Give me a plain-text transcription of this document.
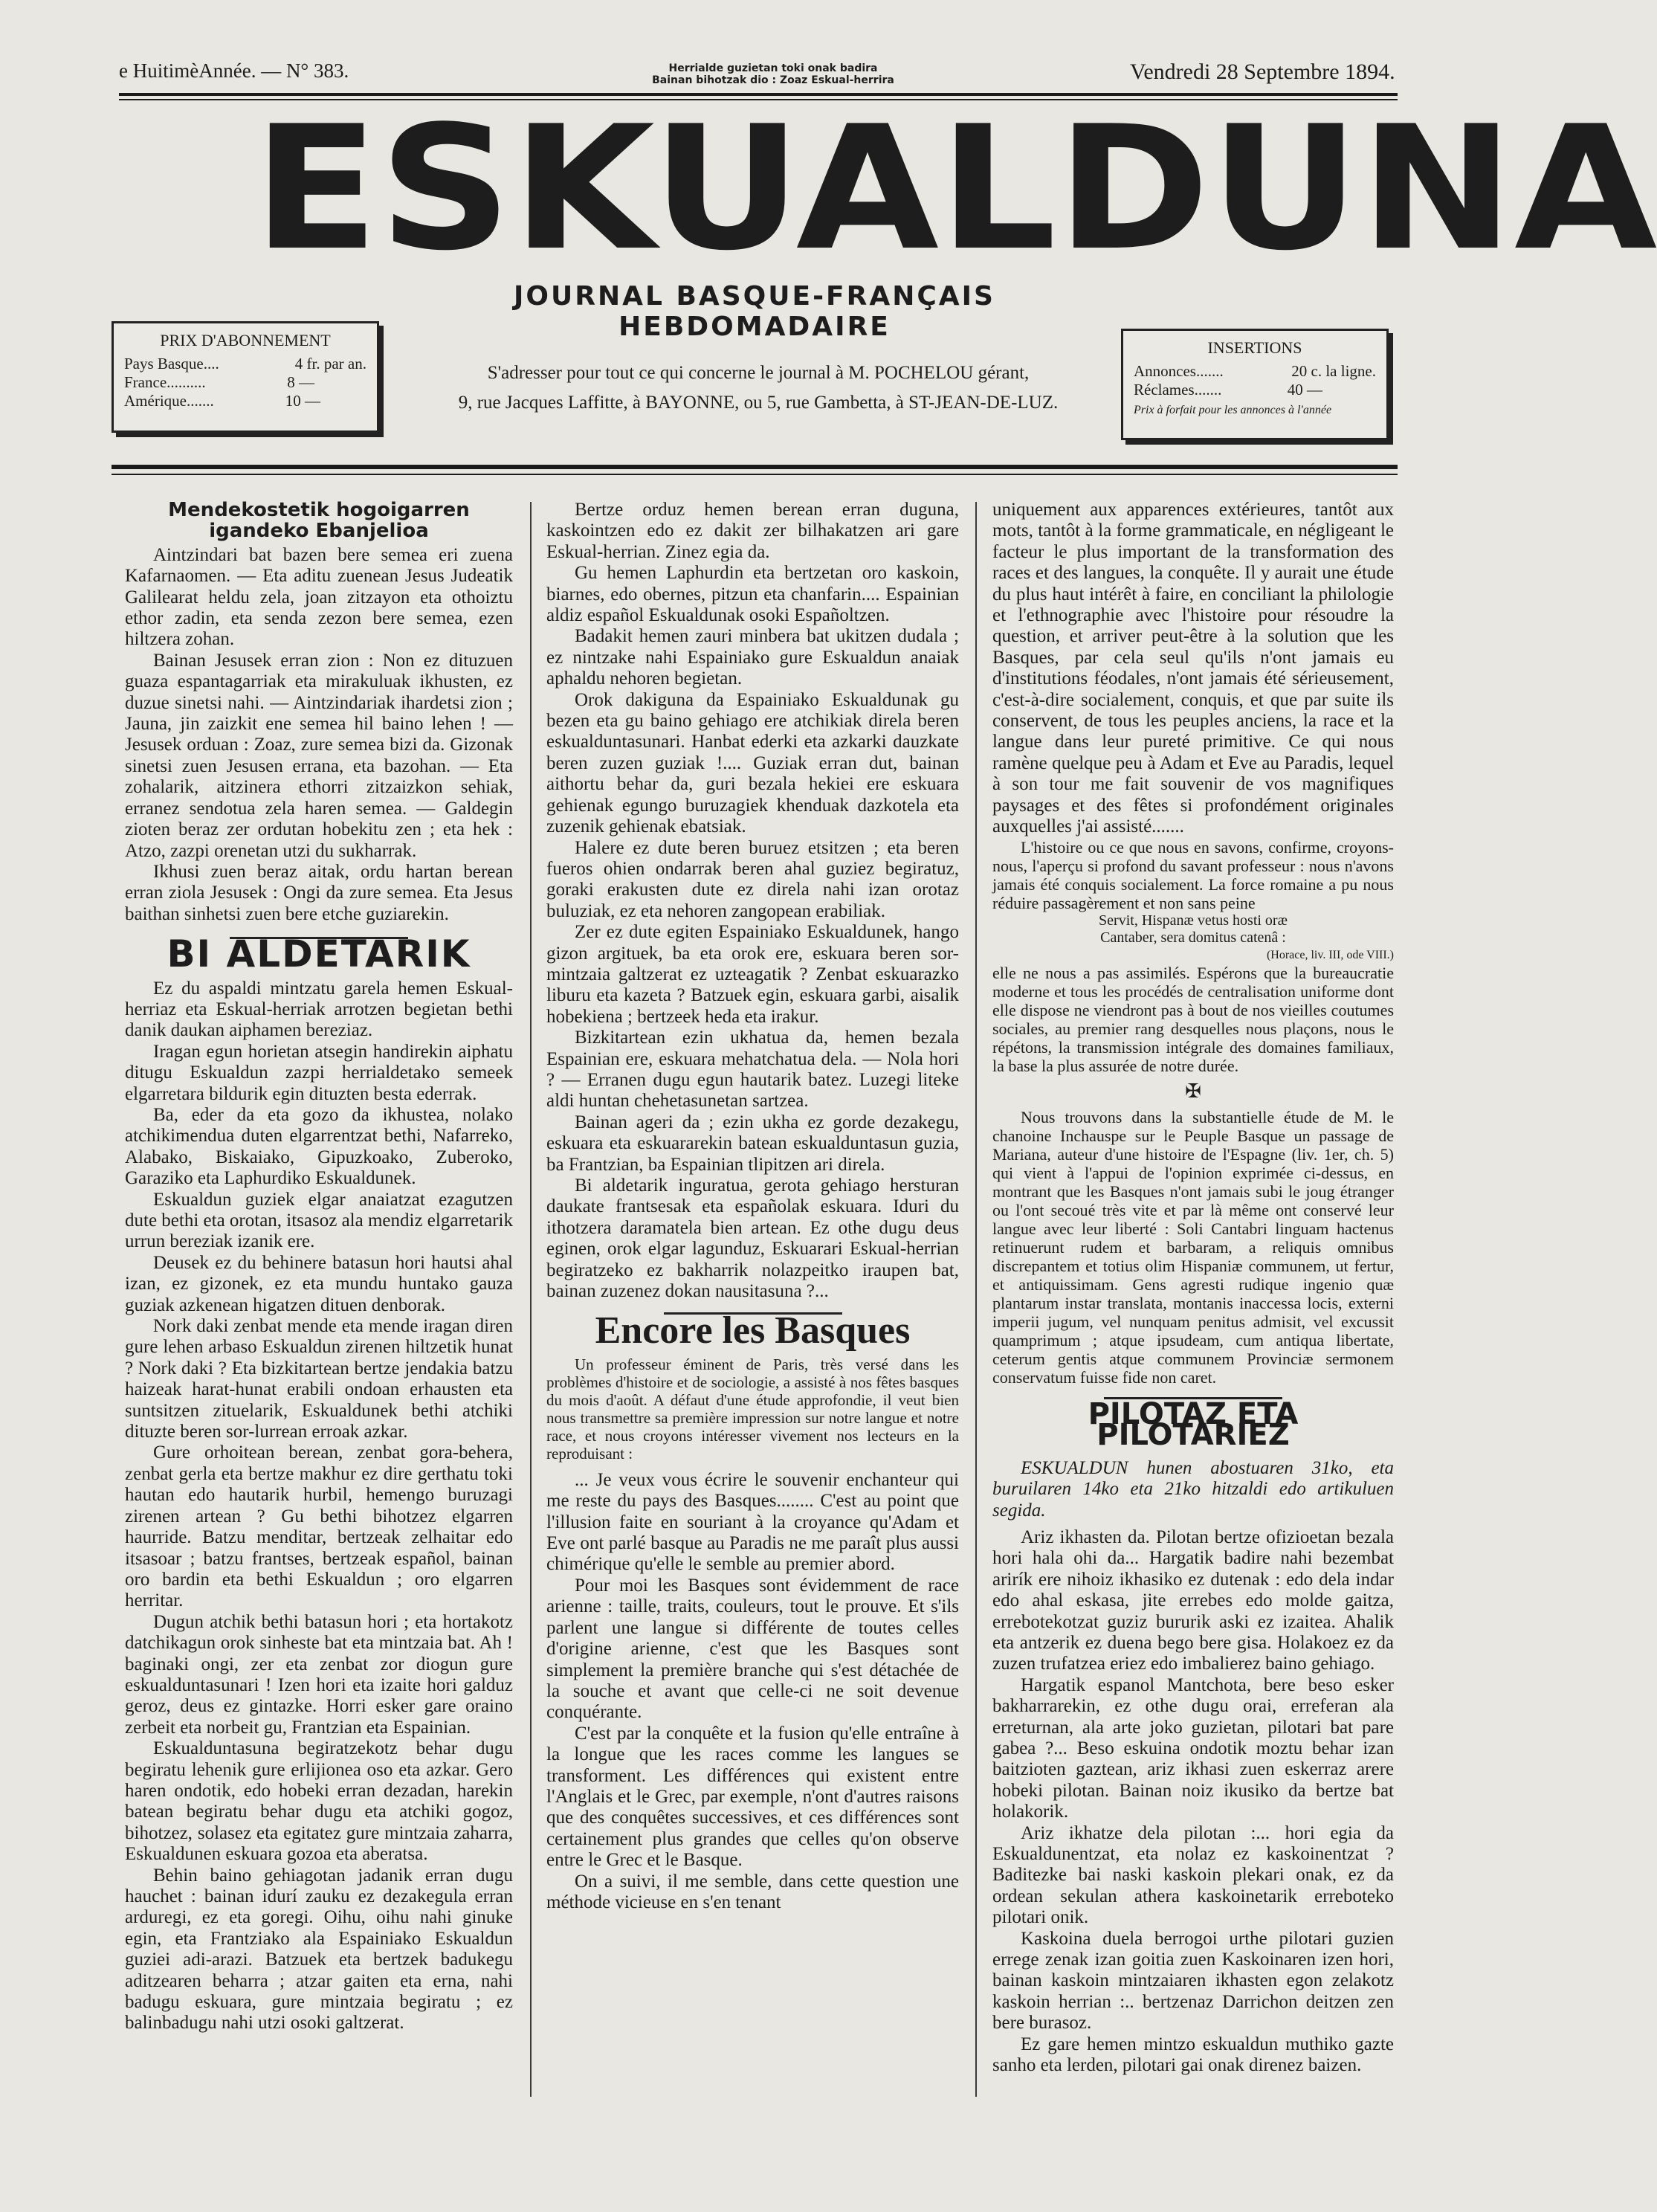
e HuitimèAnnée. — N° 383.	Herrialde guzietan toki onak badira
Bainan bihotzak dio : Zoaz Eskual-herrira	Vendredi 28 Septembre 1894.
ESKUALDUNA
JOURNAL BASQUE-FRANÇAIS HEBDOMADAIRE
PRIX D'ABONNEMENT
Pays Basque....	4 fr. par an.
France..........	8 —
Amérique.......	10 —
S'adresser pour tout ce qui concerne le journal à M. POCHELOU gérant,
9, rue Jacques Laffitte, à BAYONNE, ou 5, rue Gambetta, à ST-JEAN-DE-LUZ.
INSERTIONS
Annonces.......	20 c. la ligne.
Réclames.......	40 —
Prix à forfait pour les annonces à l'année
Mendekostetik hogoigarren igandeko Ebanjelioa

Aintzindari bat bazen bere semea eri zuena Kafarnaomen. — Eta aditu zuenean Jesus Judeatik Galilearat heldu zela, joan zitzayon eta othoiztu ethor zadin, eta senda zezon bere semea, ezen hiltzera zohan.

Bainan Jesusek erran zion : Non ez dituzuen guaza espantagarriak eta mirakuluak ikhusten, ez duzue sinetsi nahi. — Aintzindariak ihardetsi zion ; Jauna, jin zaizkit ene semea hil baino lehen ! — Jesusek orduan : Zoaz, zure semea bizi da. Gizonak sinetsi zuen Jesusen errana, eta bazohan. — Eta zohalarik, aitzinera ethorri zitzaizkon sehiak, erranez sendotua zela haren semea. — Galdegin zioten beraz zer ordutan hobekitu zen ; eta hek : Atzo, zazpi orenetan utzi du sukharrak.

Ikhusi zuen beraz aitak, ordu hartan berean erran ziola Jesusek : Ongi da zure semea. Eta Jesus baithan sinhetsi zuen bere etche guziarekin.

BI ALDETARIK

Ez du aspaldi mintzatu garela hemen Eskual-herriaz eta Eskual-herriak arrotzen begietan bethi danik daukan aiphamen bereziaz.

Iragan egun horietan atsegin handirekin aiphatu ditugu Eskualdun zazpi herrialdetako semeek elgarretara bildurik egin dituzten besta ederrak.

Ba, eder da eta gozo da ikhustea, nolako atchikimendua duten elgarrentzat bethi, Nafarreko, Alabako, Biskaiako, Gipuzkoako, Zuberoko, Garaziko eta Laphurdiko Eskualdunek.

Eskualdun guziek elgar anaiatzat ezagutzen dute bethi eta orotan, itsasoz ala mendiz elgarretarik urrun bereziak izanik ere.

Deusek ez du behinere batasun hori hautsi ahal izan, ez gizonek, ez eta mundu huntako gauza guziak azkenean higatzen dituen denborak.

Nork daki zenbat mende eta mende iragan diren gure lehen arbaso Eskualdun zirenen hiltzetik hunat ? Nork daki ? Eta bizkitartean bertze jendakia batzu haizeak harat-hunat erabili ondoan erhausten eta suntsitzen zituelarik, Eskualdunek bethi atchiki dituzte beren sor-lurrean erroak azkar.

Gure orhoitean berean, zenbat gora-behera, zenbat gerla eta bertze makhur ez dire gerthatu toki hautan edo hautarik hurbil, hemengo buruzagi zirenen artean ? Gu bethi bihotzez elgarren haurride. Batzu menditar, bertzeak zelhaitar edo itsasoar ; batzu frantses, bertzeak español, bainan oro bardin eta bethi Eskualdun ; oro elgarren herritar.

Dugun atchik bethi batasun hori ; eta hortakotz datchikagun orok sinheste bat eta mintzaia bat. Ah ! baginaki ongi, zer eta zenbat zor diogun gure eskualduntasunari ! Izen hori eta izaite hori galduz geroz, deus ez gintazke. Horri esker gare oraino zerbeit eta norbeit gu, Frantzian eta Espainian.

Eskualduntasuna begiratzekotz behar dugu begiratu lehenik gure erlijionea oso eta azkar. Gero haren ondotik, edo hobeki erran dezadan, harekin batean begiratu behar dugu eta atchiki gogoz, bihotzez, solasez eta egitatez gure mintzaia zaharra, Eskualdunen eskuara gozoa eta aberatsa.

Behin baino gehiagotan jadanik erran dugu hauchet : bainan idurí zauku ez dezakegula erran arduregi, ez eta goregi. Oihu, oihu nahi ginuke egin, eta Frantziako ala Espainiako Eskualdun guziei adi-arazi. Batzuek eta bertzek badukegu aditzearen beharra ; atzar gaiten eta erna, nahi badugu eskuara, gure mintzaia begiratu ; ez balinbadugu nahi utzi osoki galtzerat.

Bertze orduz hemen berean erran duguna, kaskointzen edo ez dakit zer bilhakatzen ari gare Eskual-herrian. Zinez egia da.

Gu hemen Laphurdin eta bertzetan oro kaskoin, biarnes, edo obernes, pitzun eta chanfarin.... Espainian aldiz español Eskualdunak osoki Españoltzen.

Badakit hemen zauri minbera bat ukitzen dudala ; ez nintzake nahi Espainiako gure Eskualdun anaiak aphaldu nehoren begietan.

Orok dakiguna da Espainiako Eskualdunak gu bezen eta gu baino gehiago ere atchikiak direla beren eskualduntasunari. Hanbat ederki eta azkarki dauzkate beren zuzen guziak !.... Guziak erran dut, bainan aithortu behar da, guri bezala hekiei ere eskuara gehienak egungo buruzagiek khenduak dazkotela eta zuzenik gehienak ebatsiak.

Halere ez dute beren buruez etsitzen ; eta beren fueros ohien ondarrak beren ahal guziez begiratuz, goraki erakusten dute ez direla nahi izan orotaz buluziak, ez eta nehoren zangopean erabiliak.

Zer ez dute egiten Espainiako Eskualdunek, hango gizon argituek, ba eta orok ere, eskuara beren sor-mintzaia galtzerat ez uzteagatik ? Zenbat eskuarazko liburu eta kazeta ? Batzuek egin, eskuara garbi, aisalik hobekiena ; bertzeek heda eta irakur.

Bizkitartean ezin ukhatua da, hemen bezala Espainian ere, eskuara mehatchatua dela. — Nola hori ? — Erranen dugu egun hautarik batez. Luzegi liteke aldi huntan chehetasunetan sartzea.

Bainan ageri da ; ezin ukha ez gorde dezakegu, eskuara eta eskuararekin batean eskualduntasun guzia, ba Frantzian, ba Espainian tlipitzen ari direla.

Bi aldetarik inguratua, gerota gehiago hersturan daukate frantsesak eta españolak eskuara. Iduri du ithotzera daramatela bien artean. Ez othe dugu deus eginen, orok elgar lagunduz, Eskuarari Eskual-herrian begiratzeko ez bakharrik nolazpeitko iraupen bat, bainan zuzenez dokan nausitasuna ?...

Encore les Basques

Un professeur éminent de Paris, très versé dans les problèmes d'histoire et de sociologie, a assisté à nos fêtes basques du mois d'août. A défaut d'une étude approfondie, il veut bien nous transmettre sa première impression sur notre langue et notre race, et nous croyons intéresser vivement nos lecteurs en la reproduisant :

... Je veux vous écrire le souvenir enchanteur qui me reste du pays des Basques........ C'est au point que l'illusion faite en souriant à la croyance qu'Adam et Eve ont parlé basque au Paradis ne me paraît plus aussi chimérique qu'elle le semble au premier abord.

Pour moi les Basques sont évidemment de race arienne : taille, traits, couleurs, tout le prouve. Et s'ils parlent une langue si différente de toutes celles d'origine arienne, c'est que les Basques sont simplement la première branche qui s'est détachée de la souche et avant que celle-ci ne soit devenue conquérante.

C'est par la conquête et la fusion qu'elle entraîne à la longue que les races comme les langues se transforment. Les différences qui existent entre l'Anglais et le Grec, par exemple, n'ont d'autres raisons que des conquêtes successives, et ces différences sont certainement plus grandes que celles qu'on observe entre le Grec et le Basque.

On a suivi, il me semble, dans cette question une méthode vicieuse en s'en tenant

uniquement aux apparences extérieures, tantôt aux mots, tantôt à la forme grammaticale, en négligeant le facteur le plus important de la transformation des races et des langues, la conquête. Il y aurait une étude du plus haut intérêt à faire, en conciliant la philologie et l'ethnographie avec l'histoire pour résoudre la question, et arriver peut-être à la solution que les Basques, par cela seul qu'ils n'ont jamais eu d'institutions féodales, n'ont jamais été sérieusement, c'est-à-dire socialement, conquis, et que par suite ils conservent, de tous les peuples anciens, la race et la langue dans leur pureté primitive. Ce qui nous ramène quelque peu à Adam et Eve au Paradis, lequel à son tour me fait souvenir de vos magnifiques paysages et des fêtes si profondément originales auxquelles j'ai assisté.......

L'histoire ou ce que nous en savons, confirme, croyons-nous, l'aperçu si profond du savant professeur : nous n'avons jamais été conquis socialement. La force romaine a pu nous réduire passagèrement et non sans peine

Servit, Hispanæ vetus hosti oræ
Cantaber, sera domitus catenâ :
(Horace, liv. III, ode VIII.)

elle ne nous a pas assimilés. Espérons que la bureaucratie moderne et tous les procédés de centralisation uniforme dont elle dispose ne viendront pas à bout de nos vieilles coutumes sociales, au premier rang desquelles nous plaçons, nous le répétons, la transmission intégrale des domaines familiaux, la base la plus assurée de notre durée.

✠

Nous trouvons dans la substantielle étude de M. le chanoine Inchauspe sur le Peuple Basque un passage de Mariana, auteur d'une histoire de l'Espagne (liv. 1er, ch. 5) qui vient à l'appui de l'opinion exprimée ci-dessus, en montrant que les Basques n'ont jamais subi le joug étranger ou l'ont secoué très vite et par là même ont conservé leur langue avec leur liberté : Soli Cantabri linguam hactenus retinuerunt rudem et barbaram, a reliquis omnibus discrepantem et totius olim Hispaniæ communem, ut fertur, et antiquissimam. Gens agresti rudique ingenio quæ plantarum instar translata, montanis inaccessa locis, externi imperii jugum, vel nunquam penitus admisit, vel excussit quamprimum ; atque ipsudeam, cum antiqua libertate, ceterum gentis atque communem Provinciæ sermonem conservatum fuisse fide non caret.

PILOTAZ ETA PILOTARIEZ

ESKUALDUN hunen abostuaren 31ko, eta buruilaren 14ko eta 21ko hitzaldi edo artikuluen segida.

Ariz ikhasten da. Pilotan bertze ofizioetan bezala hori hala ohi da... Hargatik badire nahi bezembat arirík ere nihoiz ikhasiko ez dutenak : edo dela indar edo ahal eskasa, jite errebes edo molde gaitza, errebotekotzat guziz bururik aski ez izaitea. Ahalik eta antzerik ez duena bego bere gisa. Holakoez ez da zuzen trufatzea eriez edo imbalierez baino gehiago.

Hargatik espanol Mantchota, bere beso esker bakharrarekin, ez othe dugu orai, erreferan ala erreturnan, ala arte joko guzietan, pilotari bat pare gabea ?... Beso eskuina ondotik moztu behar izan baitzioten gaztean, ariz ikhasi zuen eskerraz arere hobeki pilotan. Bainan noiz ikusiko da bertze bat holakorik.

Ariz ikhatze dela pilotan :... hori egia da Eskualdunentzat, eta nolaz ez kaskoinentzat ? Baditezke bai naski kaskoin plekari onak, ez da ordean sekulan athera kaskoinetarik errebotekо pilotari onik.

Kaskoina duela berrogoi urthe pilotari guzien errege zenak izan goitia zuen Kaskoinaren izen hori, bainan kaskoin mintzaiaren ikhasten egon zelakotz kaskoin herrian :.. bertzenaz Darrichon deitzen zen bere burasoz.

Ez gare hemen mintzo eskualdun muthiko gazte sanho eta lerden, pilotari gai onak direnez baizen.
